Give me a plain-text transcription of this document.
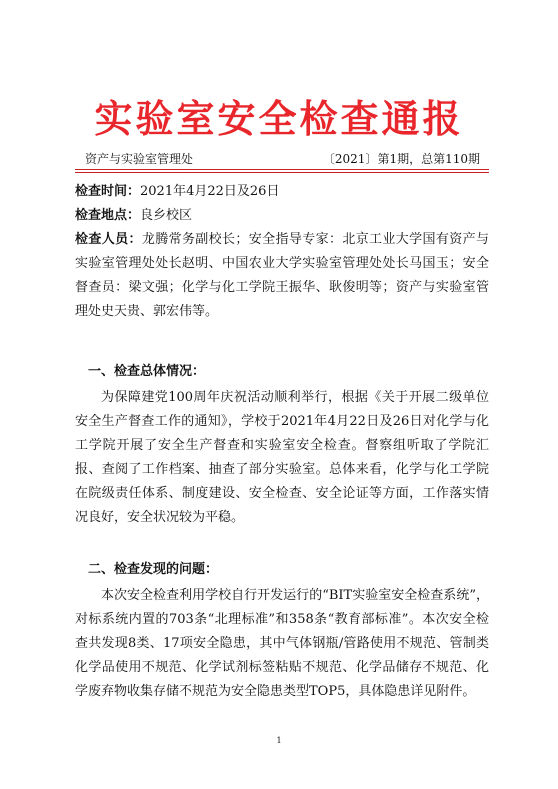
实验室安全检查通报
资产与实验室管理处	〔2021〕第1期，总第110期

检查时间：2021年4月22日及26日

检查地点：良乡校区

检查人员：龙腾常务副校长；安全指导专家：北京工业大学国有资产与实验室管理处处长赵明、中国农业大学实验室管理处处长马国玉；安全督查员：梁文强；化学与化工学院王振华、耿俊明等；资产与实验室管理处史天贵、郭宏伟等。

一、检查总体情况：

为保障建党100周年庆祝活动顺利举行，根据《关于开展二级单位安全生产督查工作的通知》，学校于2021年4月22日及26日对化学与化工学院开展了安全生产督查和实验室安全检查。督察组听取了学院汇报、查阅了工作档案、抽查了部分实验室。总体来看，化学与化工学院在院级责任体系、制度建设、安全检查、安全论证等方面，工作落实情况良好，安全状况较为平稳。

二、检查发现的问题：

本次安全检查利用学校自行开发运行的“BIT实验室安全检查系统”，对标系统内置的703条“北理标准”和358条“教育部标准”。本次安全检查共发现8类、17项安全隐患，其中气体钢瓶/管路使用不规范、管制类化学品使用不规范、化学试剂标签粘贴不规范、化学品储存不规范、化学废弃物收集存储不规范为安全隐患类型TOP5，具体隐患详见附件。

1
